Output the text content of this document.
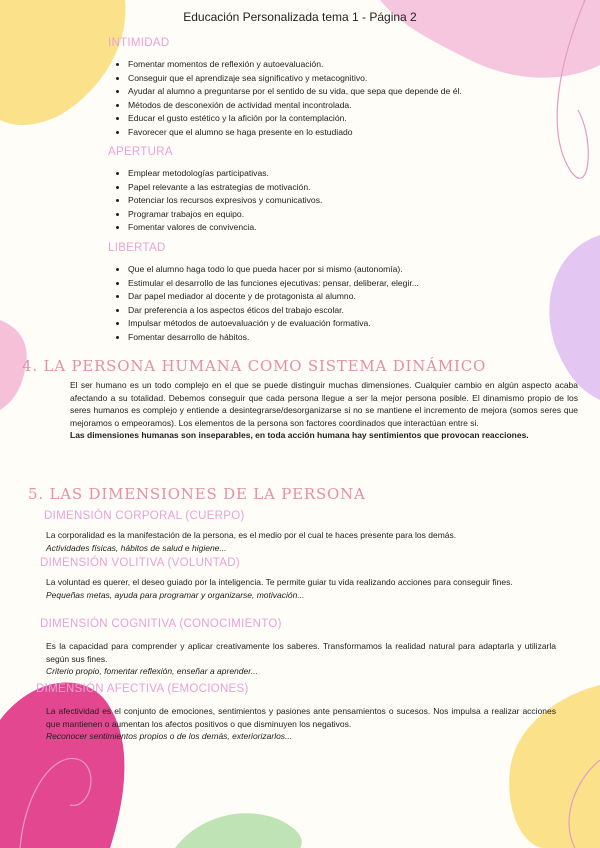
Educación Personalizada tema 1 - Página 2
INTIMIDAD
• Fomentar momentos de reflexión y autoevaluación.
• Conseguir que el aprendizaje sea significativo y metacognitivo.
• Ayudar al alumno a preguntarse por el sentido de su vida, que sepa que depende de él.
• Métodos de desconexión de actividad mental incontrolada.
• Educar el gusto estético y la afición por la contemplación.
• Favorecer que el alumno se haga presente en lo estudiado
APERTURA
• Emplear metodologías participativas.
• Papel relevante a las estrategias de motivación.
• Potenciar los recursos expresivos y comunicativos.
• Programar trabajos en equipo.
• Fomentar valores de convivencia.
LIBERTAD
• Que el alumno haga todo lo que pueda hacer por si mismo (autonomía).
• Estimular el desarrollo de las funciones ejecutivas: pensar, deliberar, elegir...
• Dar papel mediador al docente y de protagonista al alumno.
• Dar preferencia a los aspectos éticos del trabajo escolar.
• Impulsar métodos de autoevaluación y de evaluación formativa.
• Fomentar desarrollo de hábitos.
4. LA PERSONA HUMANA COMO SISTEMA DINÁMICO
El ser humano es un todo complejo en el que se puede distinguir muchas dimensiones. Cualquier cambio en algún aspecto acaba afectando a su totalidad. Debemos conseguir que cada persona llegue a ser la mejor persona posible. El dinamismo propio de los seres humanos es complejo y entiende a desintegrarse/desorganizarse si no se mantiene el incremento de mejora (somos seres que mejoramos o empeoramos). Los elementos de la persona son factores coordinados que interactúan entre si.
Las dimensiones humanas son inseparables, en toda acción humana hay sentimientos que provocan reacciones.
5. LAS DIMENSIONES DE LA PERSONA
DIMENSIÓN CORPORAL (CUERPO)
La corporalidad es la manifestación de la persona, es el medio por el cual te haces presente para los demás.
Actividades físicas, hábitos de salud e higiene...
DIMENSIÓN VOLITIVA (VOLUNTAD)
La voluntad es querer, el deseo guiado por la inteligencia. Te permite guiar tu vida realizando acciones para conseguir fines.
Pequeñas metas, ayuda para programar y organizarse, motivación...
DIMENSIÓN COGNITIVA (CONOCIMIENTO)
Es la capacidad para comprender y aplicar creativamente los saberes. Transformamos la realidad natural para adaptarla y utilizarla según sus fines.
Criterio propio, fomentar reflexión, enseñar a aprender...
DIMENSIÓN AFECTIVA (EMOCIONES)
La afectividad es el conjunto de emociones, sentimientos y pasiones ante pensamientos o sucesos. Nos impulsa a realizar acciones que mantienen o aumentan los afectos positivos o que disminuyen los negativos.
Reconocer sentimientos propios o de los demás, exteriorizarlos...
